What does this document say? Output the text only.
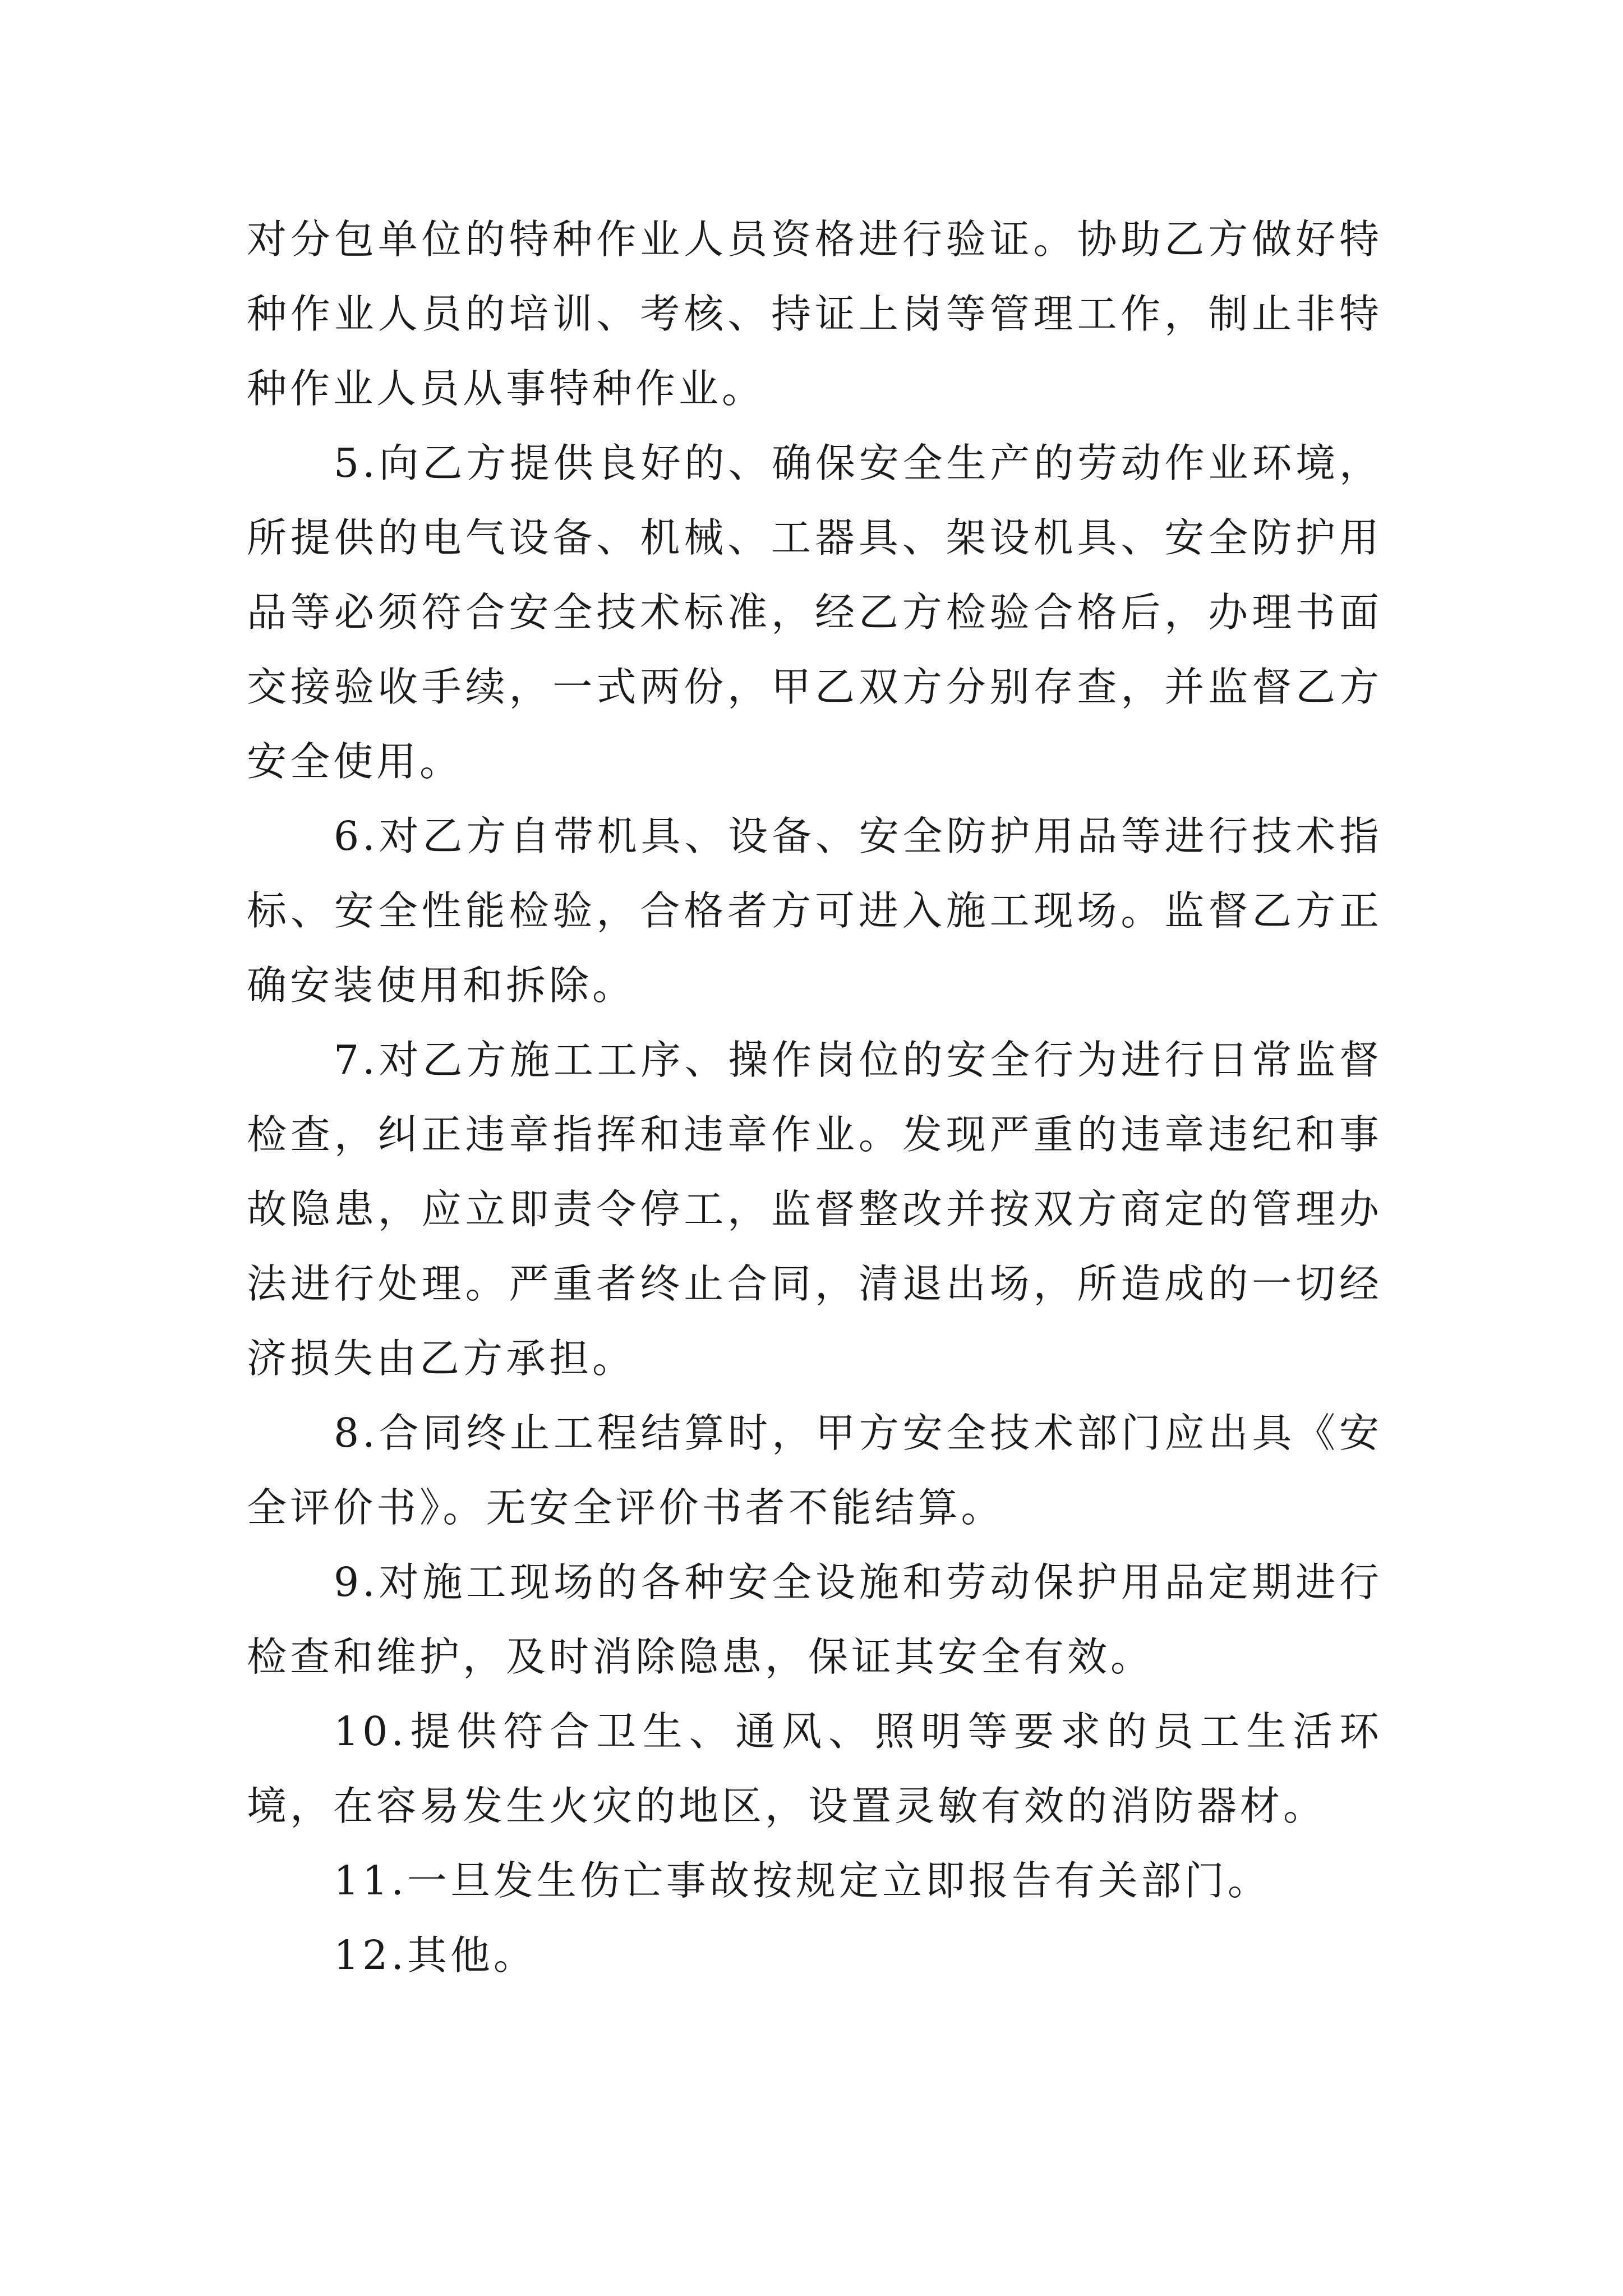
对分包单位的特种作业人员资格进行验证。协助乙方做好特种作业人员的培训、考核、持证上岗等管理工作，制止非特种作业人员从事特种作业。

5.向乙方提供良好的、确保安全生产的劳动作业环境，所提供的电气设备、机械、工器具、架设机具、安全防护用品等必须符合安全技术标准，经乙方检验合格后，办理书面交接验收手续，一式两份，甲乙双方分别存查，并监督乙方安全使用。

6.对乙方自带机具、设备、安全防护用品等进行技术指标、安全性能检验，合格者方可进入施工现场。监督乙方正确安装使用和拆除。

7.对乙方施工工序、操作岗位的安全行为进行日常监督检查，纠正违章指挥和违章作业。发现严重的违章违纪和事故隐患，应立即责令停工，监督整改并按双方商定的管理办法进行处理。严重者终止合同，清退出场，所造成的一切经济损失由乙方承担。

8.合同终止工程结算时，甲方安全技术部门应出具《安全评价书》。无安全评价书者不能结算。

9.对施工现场的各种安全设施和劳动保护用品定期进行检查和维护，及时消除隐患，保证其安全有效。

10.提供符合卫生、通风、照明等要求的员工生活环境，在容易发生火灾的地区，设置灵敏有效的消防器材。

11.一旦发生伤亡事故按规定立即报告有关部门。

12.其他。
